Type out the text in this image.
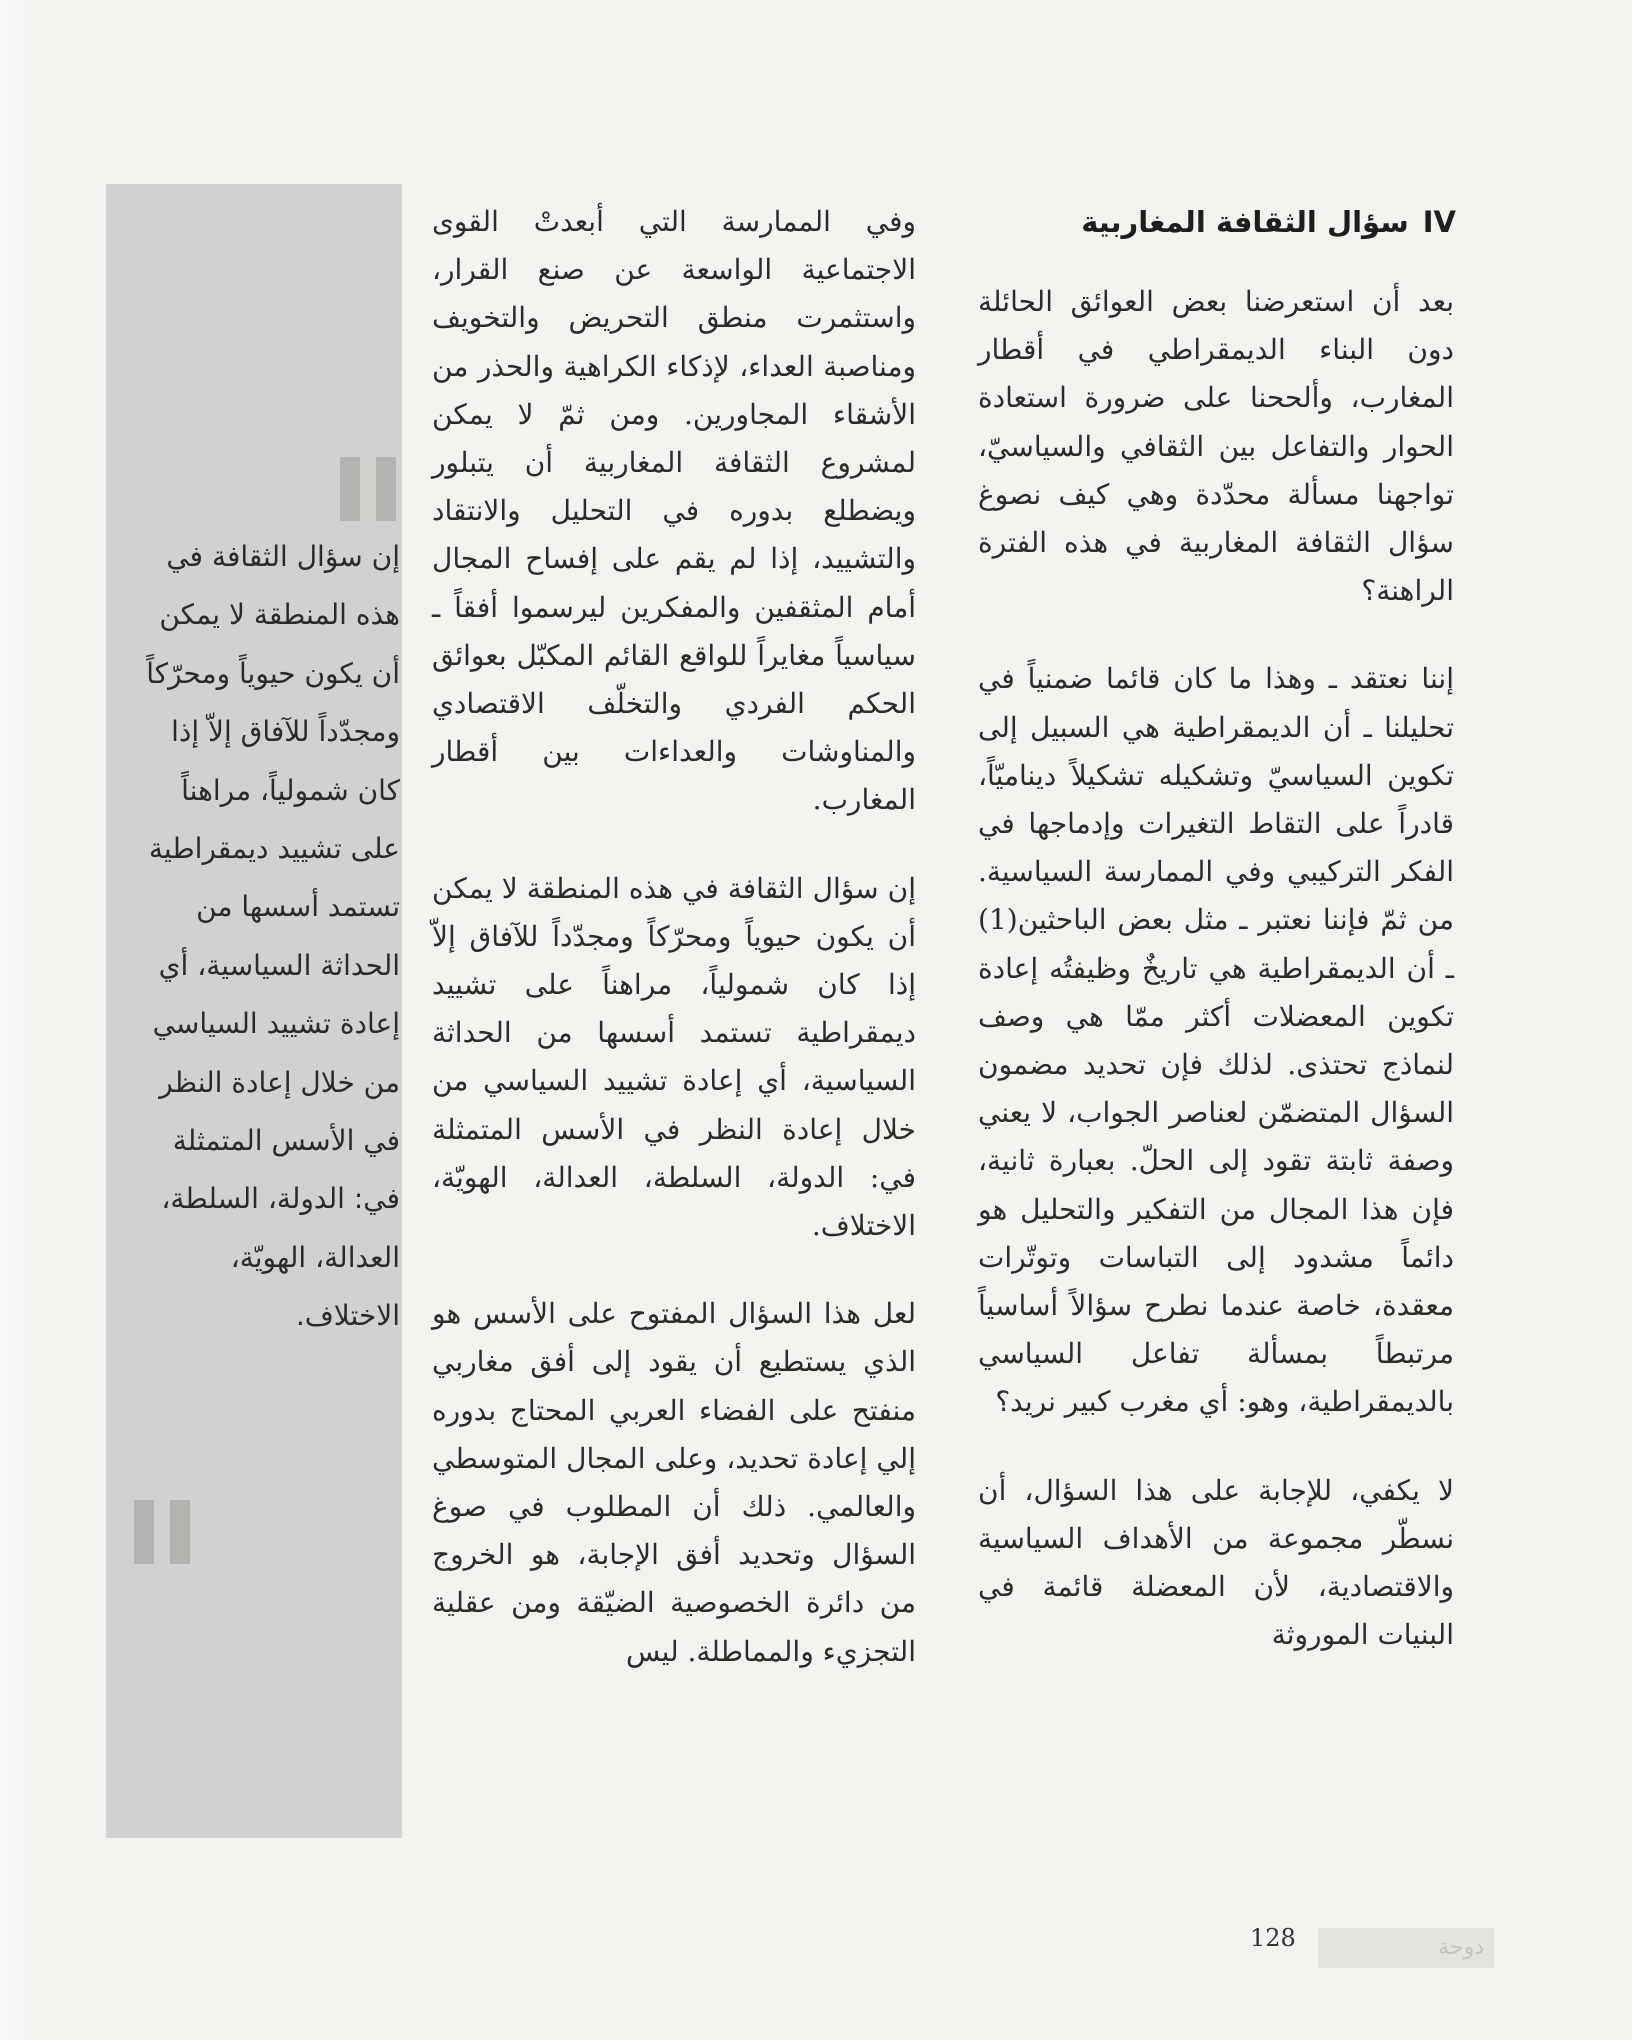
IVسؤال الثقافة المغاربية

بعد أن استعرضنا بعض العوائق الحائلة دون البناء الديمقراطي في أقطار المغارب، وألححنا على ضرورة استعادة الحوار والتفاعل بين الثقافي والسياسيّ، تواجهنا مسألة محدّدة وهي كيف نصوغ سؤال الثقافة المغاربية في هذه الفترة الراهنة؟

إننا نعتقد ـ وهذا ما كان قائما ضمنياً في تحليلنا ـ أن الديمقراطية هي السبيل إلى تكوين السياسيّ وتشكيله تشكيلاً ديناميّاً، قادراً على التقاط التغيرات وإدماجها في الفكر التركيبي وفي الممارسة السياسية. من ثمّ فإننا نعتبر ـ مثل بعض الباحثين(1) ـ أن الديمقراطية هي تاريخٌ وظيفتُه إعادة تكوين المعضلات أكثر ممّا هي وصف لنماذج تحتذى. لذلك فإن تحديد مضمون السؤال المتضمّن لعناصر الجواب، لا يعني وصفة ثابتة تقود إلى الحلّ. بعبارة ثانية، فإن هذا المجال من التفكير والتحليل هو دائماً مشدود إلى التباسات وتوتّرات معقدة، خاصة عندما نطرح سؤالاً أساسياً مرتبطاً بمسألة تفاعل السياسي بالديمقراطية، وهو: أي مغرب كبير نريد؟

لا يكفي، للإجابة على هذا السؤال، أن نسطّر مجموعة من الأهداف السياسية والاقتصادية، لأن المعضلة قائمة في البنيات الموروثة

وفي الممارسة التي أبعدتْ القوى الاجتماعية الواسعة عن صنع القرار، واستثمرت منطق التحريض والتخويف ومناصبة العداء، لإذكاء الكراهية والحذر من الأشقاء المجاورين. ومن ثمّ لا يمكن لمشروع الثقافة المغاربية أن يتبلور ويضطلع بدوره في التحليل والانتقاد والتشييد، إذا لم يقم على إفساح المجال أمام المثقفين والمفكرين ليرسموا أفقاً ـ سياسياً مغايراً للواقع القائم المكبّل بعوائق الحكم الفردي والتخلّف الاقتصادي والمناوشات والعداءات بين أقطار المغارب.

إن سؤال الثقافة في هذه المنطقة لا يمكن أن يكون حيوياً ومحرّكاً ومجدّداً للآفاق إلاّ إذا كان شمولياً، مراهناً على تشييد ديمقراطية تستمد أسسها من الحداثة السياسية، أي إعادة تشييد السياسي من خلال إعادة النظر في الأسس المتمثلة في: الدولة، السلطة، العدالة، الهويّة، الاختلاف.

لعل هذا السؤال المفتوح على الأسس هو الذي يستطيع أن يقود إلى أفق مغاربي منفتح على الفضاء العربي المحتاج بدوره إلي إعادة تحديد، وعلى المجال المتوسطي والعالمي. ذلك أن المطلوب في صوغ السؤال وتحديد أفق الإجابة، هو الخروج من دائرة الخصوصية الضيّقة ومن عقلية التجزيء والمماطلة. ليس

إن سؤال الثقافة في هذه المنطقة لا يمكن أن يكون حيوياً ومحرّكاً ومجدّداً للآفاق إلاّ إذا كان شمولياً، مراهناً على تشييد ديمقراطية تستمد أسسها من الحداثة السياسية، أي إعادة تشييد السياسي من خلال إعادة النظر في الأسس المتمثلة في: الدولة، السلطة، العدالة، الهويّة، الاختلاف.
128	دوحة
